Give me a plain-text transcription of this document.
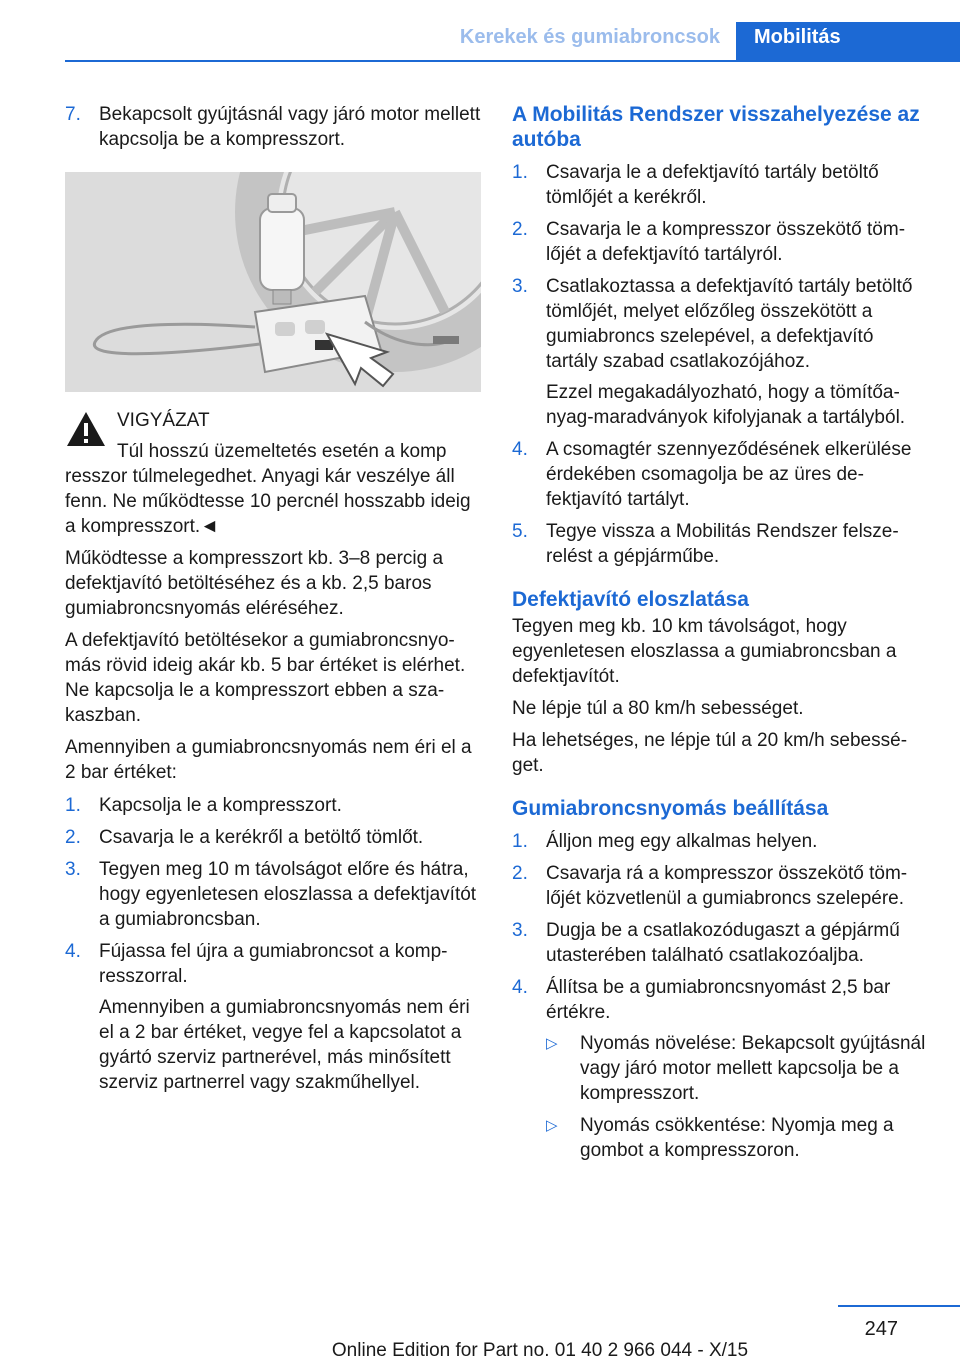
Kerekek és gumiabroncsok	Mobilitás
7. Bekapcsolt gyújtásnál vagy járó motor mellett kapcsolja be a kompresszort.
VIGYÁZAT
Túl hosszú üzemeltetés esetén a komp

resszor túlmelegedhet. Anyagi kár veszélye áll fenn. Ne működtesse 10 percnél hosszabb ideig a kompresszort.◄

Működtesse a kompresszort kb. 3–8 percig a defektjavító betöltéséhez és a kb. 2,5 baros gumiabroncsnyomás eléréséhez.

A defektjavító betöltésekor a gumiabroncsnyomás rövid ideig akár kb. 5 bar értéket is elérhet. Ne kapcsolja le a kompresszort ebben a szakaszban.

Amennyiben a gumiabroncsnyomás nem éri el a 2 bar értéket:

1. Kapcsolja le a kompresszort.
2. Csavarja le a kerékről a betöltő tömlőt.
3. Tegyen meg 10 m távolságot előre és hátra, hogy egyenletesen eloszlassa a defektjavítót a gumiabroncsban.
4. Fújassa fel újra a gumiabroncsot a kompresszorral.
Amennyiben a gumiabroncsnyomás nem éri el a 2 bar értéket, vegye fel a kapcsolatot a gyártó szerviz partnerével, más minősített szerviz partnerrel vagy szakműhellyel.
A Mobilitás Rendszer visszahelyezése az autóba
1. Csavarja le a defektjavító tartály betöltő tömlőjét a kerékről.
2. Csavarja le a kompresszor összekötő tömlőjét a defektjavító tartályról.
3. Csatlakoztassa a defektjavító tartály betöltő tömlőjét, melyet előzőleg összekötött a gumiabroncs szelepével, a defektjavító tartály szabad csatlakozójához.
Ezzel megakadályozható, hogy a tömítőanyag-maradványok kifolyjanak a tartályból.
4. A csomagtér szennyeződésének elkerülése érdekében csomagolja be az üres defektjavító tartályt.
5. Tegye vissza a Mobilitás Rendszer felszerelést a gépjárműbe.
Defektjavító eloszlatása

Tegyen meg kb. 10 km távolságot, hogy egyenletesen eloszlassa a gumiabroncsban a defektjavítót.

Ne lépje túl a 80 km/h sebességet.

Ha lehetséges, ne lépje túl a 20 km/h sebességet.

Gumiabroncsnyomás beállítása
1. Álljon meg egy alkalmas helyen.
2. Csavarja rá a kompresszor összekötő tömlőjét közvetlenül a gumiabroncs szelepére.
3. Dugja be a csatlakozódugaszt a gépjármű utasterében található csatlakozóaljba.
4. Állítsa be a gumiabroncsnyomást 2,5 bar értékre.
▷ Nyomás növelése: Bekapcsolt gyújtásnál vagy járó motor mellett kapcsolja be a kompresszort.
▷ Nyomás csökkentése: Nyomja meg a gombot a kompresszoron.
247
Online Edition for Part no. 01 40 2 966 044 - X/15
